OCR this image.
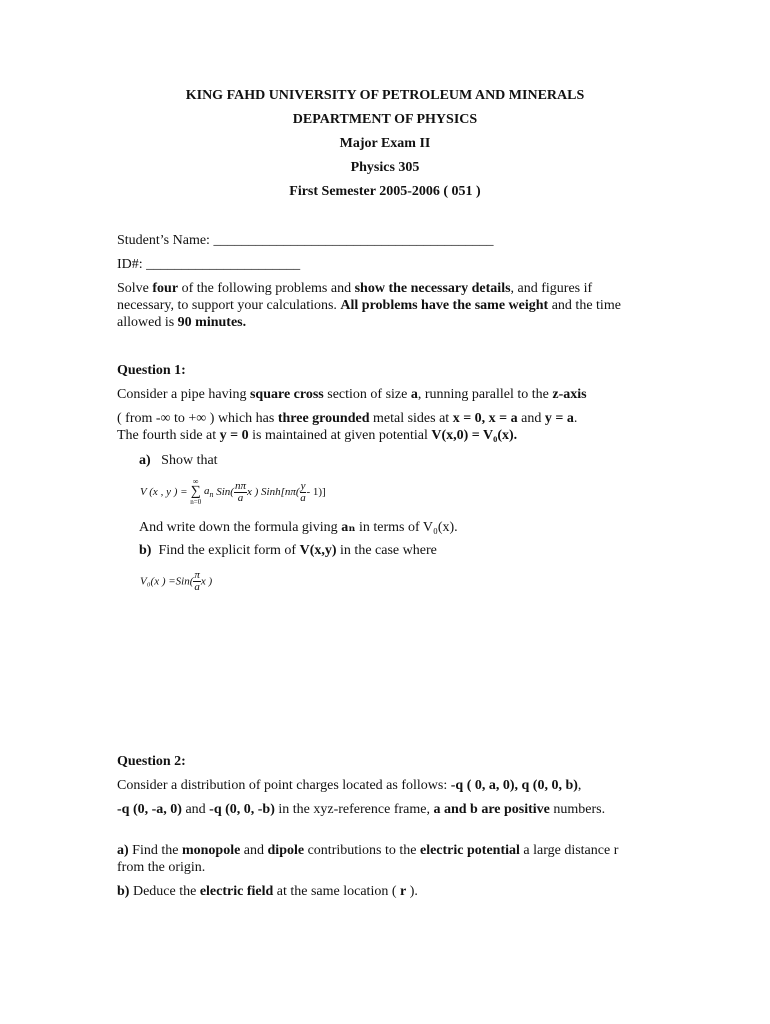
KING FAHD UNIVERSITY OF PETROLEUM AND MINERALS
DEPARTMENT OF PHYSICS
Major Exam II
Physics 305
First Semester 2005-2006 ( 051 )
Student’s Name: ________________________________________
ID#: ______________________
Solve four of the following problems and show the necessary details, and figures if necessary, to support your calculations. All problems have the same weight and the time allowed is 90 minutes.
Question 1:
Consider a pipe having square cross section of size a, running parallel to the z-axis
( from -∞ to +∞ ) which has three grounded metal sides at x = 0, x = a and y = a.
The fourth side at y = 0 is maintained at given potential V(x,0) = V₀(x).
a) Show that
V (x , y ) =
∞
∑
n=0
$a_n$ $Sin( \frac{n\pi}{a}$ x ) Sinh[nπ( $\frac{y}{a} - 1$)]
And write down the formula giving aₙ in terms of V₀(x).
b) Find the explicit form of V(x,y) in the case where
V₀(x ) $=Sin( \frac{\pi}{a}$ x )
Question 2:
Consider a distribution of point charges located as follows: -q ( 0, a, 0), q (0, 0, b),
-q (0, -a, 0) and -q (0, 0, -b) in the xyz-reference frame, a and b are positive numbers.
a) Find the monopole and dipole contributions to the electric potential a large distance r from the origin.
b) Deduce the electric field at the same location ( r ).
